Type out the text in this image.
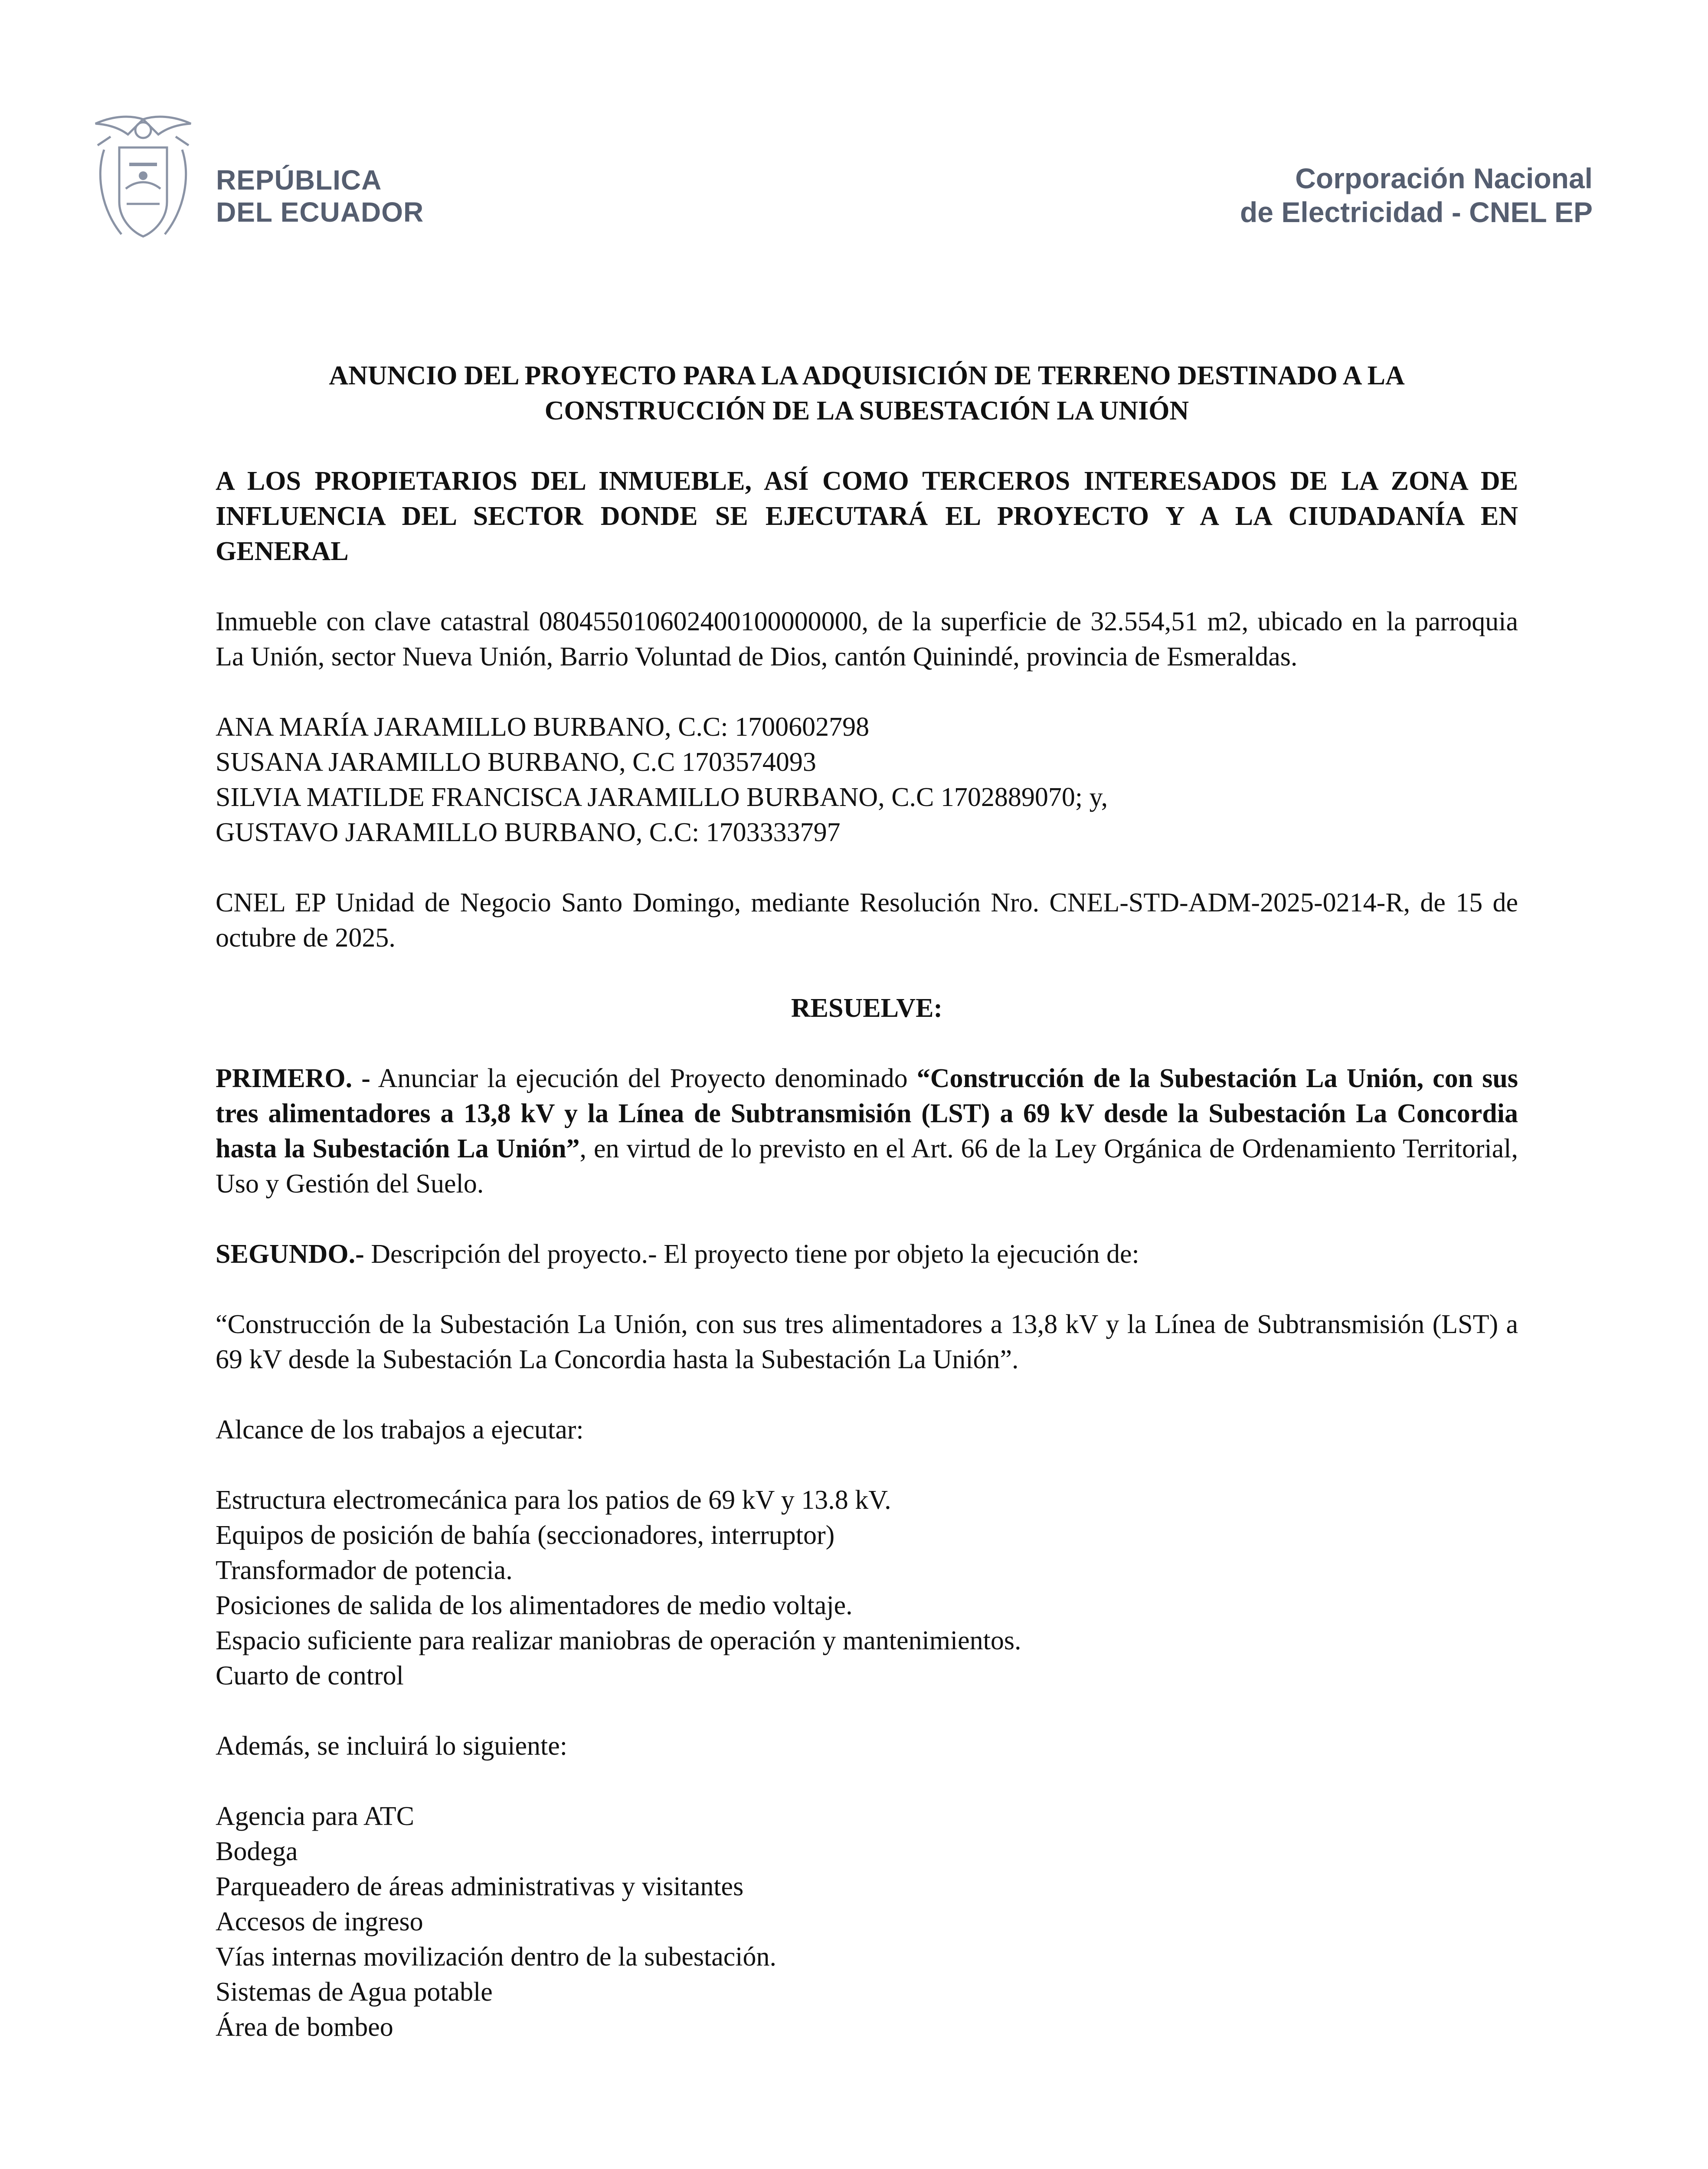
REPÚBLICA
DEL ECUADOR
Corporación Nacional
de Electricidad - CNEL EP

ANUNCIO DEL PROYECTO PARA LA ADQUISICIÓN DE TERRENO DESTINADO A LA
CONSTRUCCIÓN DE LA SUBESTACIÓN LA UNIÓN

A LOS PROPIETARIOS DEL INMUEBLE, ASÍ COMO TERCEROS INTERESADOS DE LA ZONA DE INFLUENCIA DEL SECTOR DONDE SE EJECUTARÁ EL PROYECTO Y A LA CIUDADANÍA EN GENERAL

Inmueble con clave catastral 080455010602400100000000, de la superficie de 32.554,51 m2, ubicado en la parroquia La Unión, sector Nueva Unión, Barrio Voluntad de Dios, cantón Quinindé, provincia de Esmeraldas.

ANA MARÍA JARAMILLO BURBANO, C.C: 1700602798
SUSANA JARAMILLO BURBANO, C.C 1703574093
SILVIA MATILDE FRANCISCA JARAMILLO BURBANO, C.C 1702889070; y,
GUSTAVO JARAMILLO BURBANO, C.C: 1703333797

CNEL EP Unidad de Negocio Santo Domingo, mediante Resolución Nro. CNEL-STD-ADM-2025-0214-R, de 15 de octubre de 2025.

RESUELVE:

PRIMERO. - Anunciar la ejecución del Proyecto denominado “Construcción de la Subestación La Unión, con sus tres alimentadores a 13,8 kV y la Línea de Subtransmisión (LST) a 69 kV desde la Subestación La Concordia hasta la Subestación La Unión”, en virtud de lo previsto en el Art. 66 de la Ley Orgánica de Ordenamiento Territorial, Uso y Gestión del Suelo.

SEGUNDO.- Descripción del proyecto.- El proyecto tiene por objeto la ejecución de:

“Construcción de la Subestación La Unión, con sus tres alimentadores a 13,8 kV y la Línea de Subtransmisión (LST) a 69 kV desde la Subestación La Concordia hasta la Subestación La Unión”.

Alcance de los trabajos a ejecutar:

Estructura electromecánica para los patios de 69 kV y 13.8 kV.
Equipos de posición de bahía (seccionadores, interruptor)
Transformador de potencia.
Posiciones de salida de los alimentadores de medio voltaje.
Espacio suficiente para realizar maniobras de operación y mantenimientos.
Cuarto de control

Además, se incluirá lo siguiente:

Agencia para ATC
Bodega
Parqueadero de áreas administrativas y visitantes
Accesos de ingreso
Vías internas movilización dentro de la subestación.
Sistemas de Agua potable
Área de bombeo
